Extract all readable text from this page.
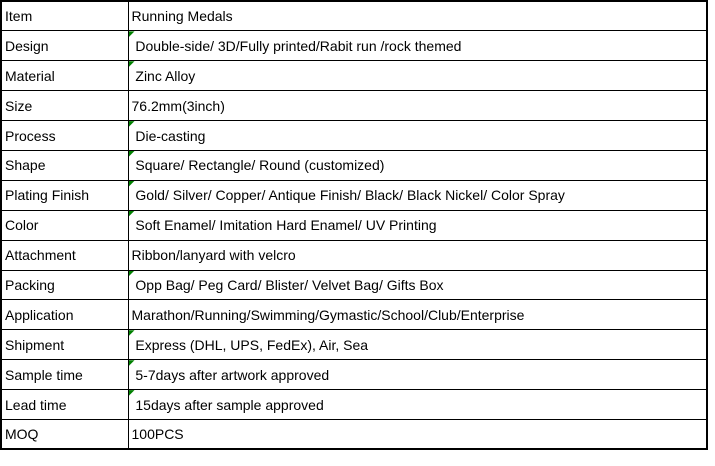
Item	Running Medals
Design	Double-side/ 3D/Fully printed/Rabit run /rock themed
Material	Zinc Alloy
Size	76.2mm(3inch)
Process	Die-casting
Shape	Square/ Rectangle/ Round (customized)
Plating Finish	Gold/ Silver/ Copper/ Antique Finish/ Black/ Black Nickel/ Color Spray
Color	Soft Enamel/ Imitation Hard Enamel/ UV Printing
Attachment	Ribbon/lanyard with velcro
Packing	Opp Bag/ Peg Card/ Blister/ Velvet Bag/ Gifts Box
Application	Marathon/Running/Swimming/Gymastic/School/Club/Enterprise
Shipment	Express (DHL, UPS, FedEx), Air, Sea
Sample time	5-7days after artwork approved
Lead time	15days after sample approved
MOQ	100PCS
